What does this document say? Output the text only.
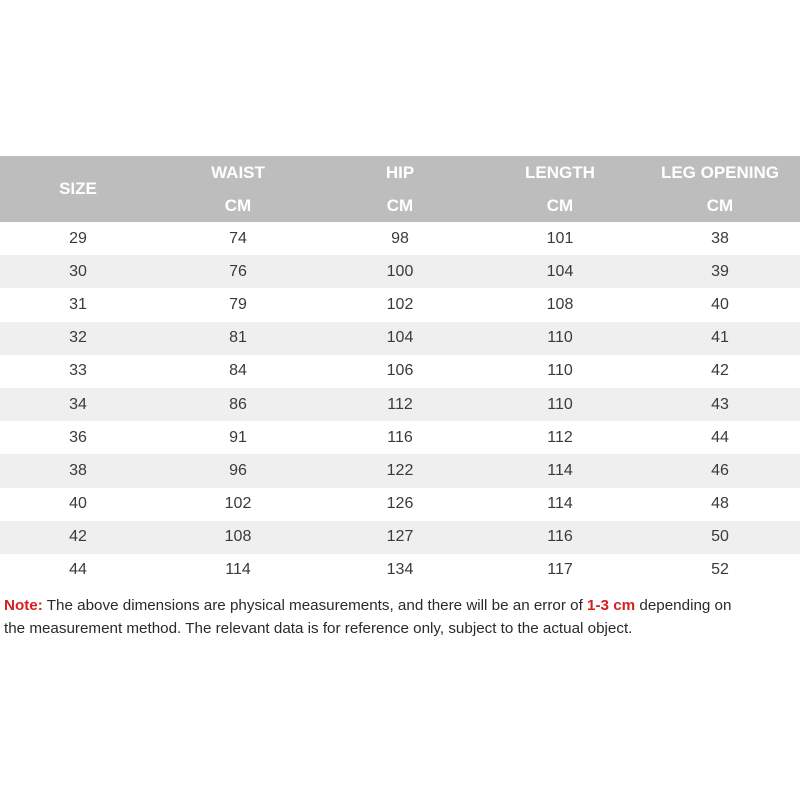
SIZE	WAIST	HIP	LENGTH	LEG OPENING
	CM	CM	CM	CM
29	74	98	101	38
30	76	100	104	39
31	79	102	108	40
32	81	104	110	41
33	84	106	110	42
34	86	112	110	43
36	91	116	112	44
38	96	122	114	46
40	102	126	114	48
42	108	127	116	50
44	114	134	117	52

Note: The above dimensions are physical measurements, and there will be an error of 1-3 cm depending on
the measurement method. The relevant data is for reference only, subject to the actual object.
